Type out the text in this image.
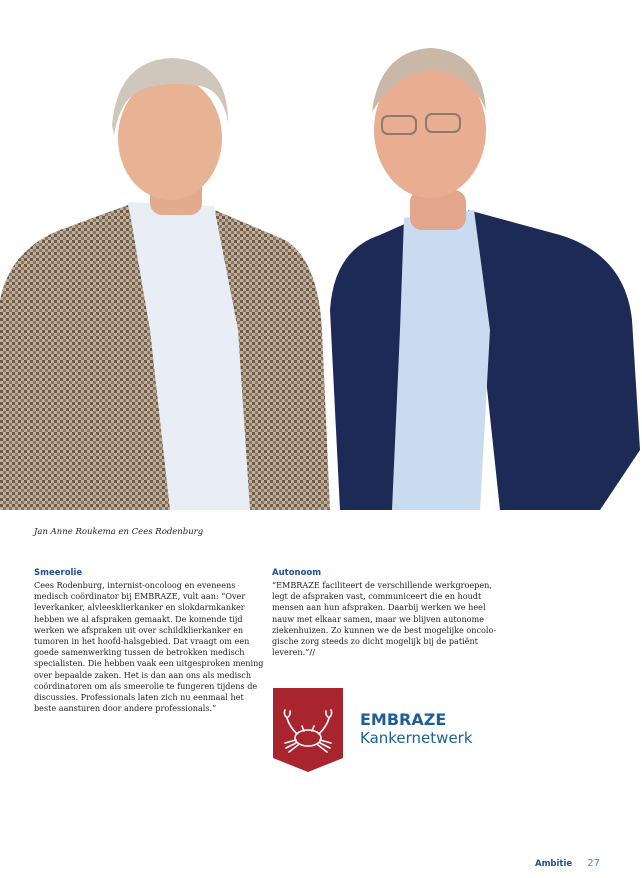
Jan Anne Roukema en Cees Rodenburg

Smeerolie

Cees Rodenburg, internist-oncoloog en eveneens
medisch coördinator bij EMBRAZE, vult aan: “Over
leverkanker, alvleesklierkanker en slokdarmkanker
hebben we al afspraken gemaakt. De komende tijd
werken we afspraken uit over schildklierkanker en
tumoren in het hoofd-halsgebied. Dat vraagt om een
goede samenwerking tussen de betrokken medisch
specialisten. Die hebben vaak een uitgesproken mening
over bepaalde zaken. Het is dan aan ons als medisch
coördinatoren om als smeerolie te fungeren tijdens de
discussies. Professionals laten zich nu eenmaal het
beste aansturen door andere professionals.”

Autonoom

“EMBRAZE faciliteert de verschillende werkgroepen,
legt de afspraken vast, communiceert die en houdt
mensen aan hun afspraken. Daarbij werken we heel
nauw met elkaar samen, maar we blijven autonome
ziekenhuizen. Zo kunnen we de best mogelijke oncolo-
gische zorg steeds zo dicht mogelijk bij de patiënt
leveren.”//

EMBRAZE
Kankernetwerk
Ambitie 27
